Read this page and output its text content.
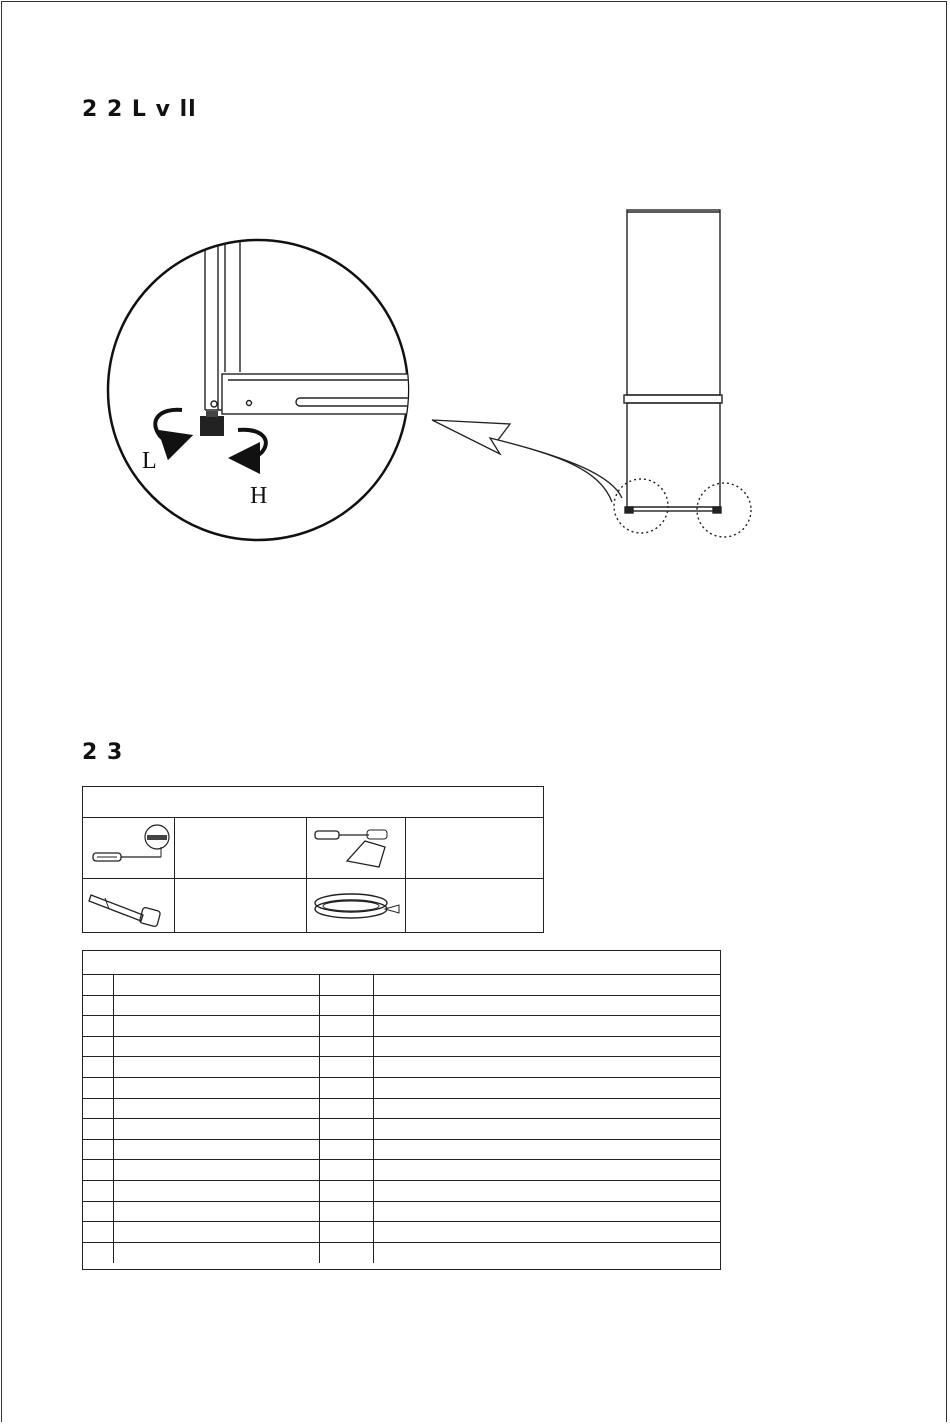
2 2 L v ll
L
H
2 3
